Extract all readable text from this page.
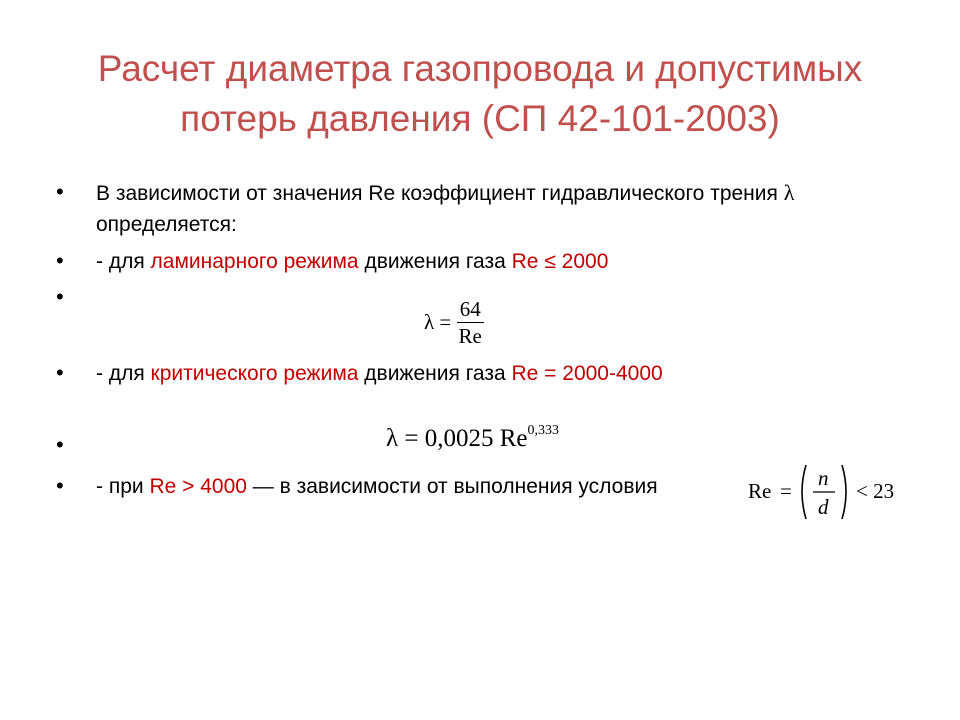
Расчет диаметра газопровода и допустимых
потерь давления (СП 42-101-2003)
• В зависимости от значения Re коэффициент гидравлического трения λ
определяется:
• - для ламинарного режима движения газа Re ≤ 2000
•
$\lambda = \frac{64}{Re}$
• - для критического режима движения газа Re = 2000-4000
λ = 0,0025 Re$^{0,333}$
•
• - при Re > 4000 — в зависимости от выполнения условия	Re =
n
d
< 23
